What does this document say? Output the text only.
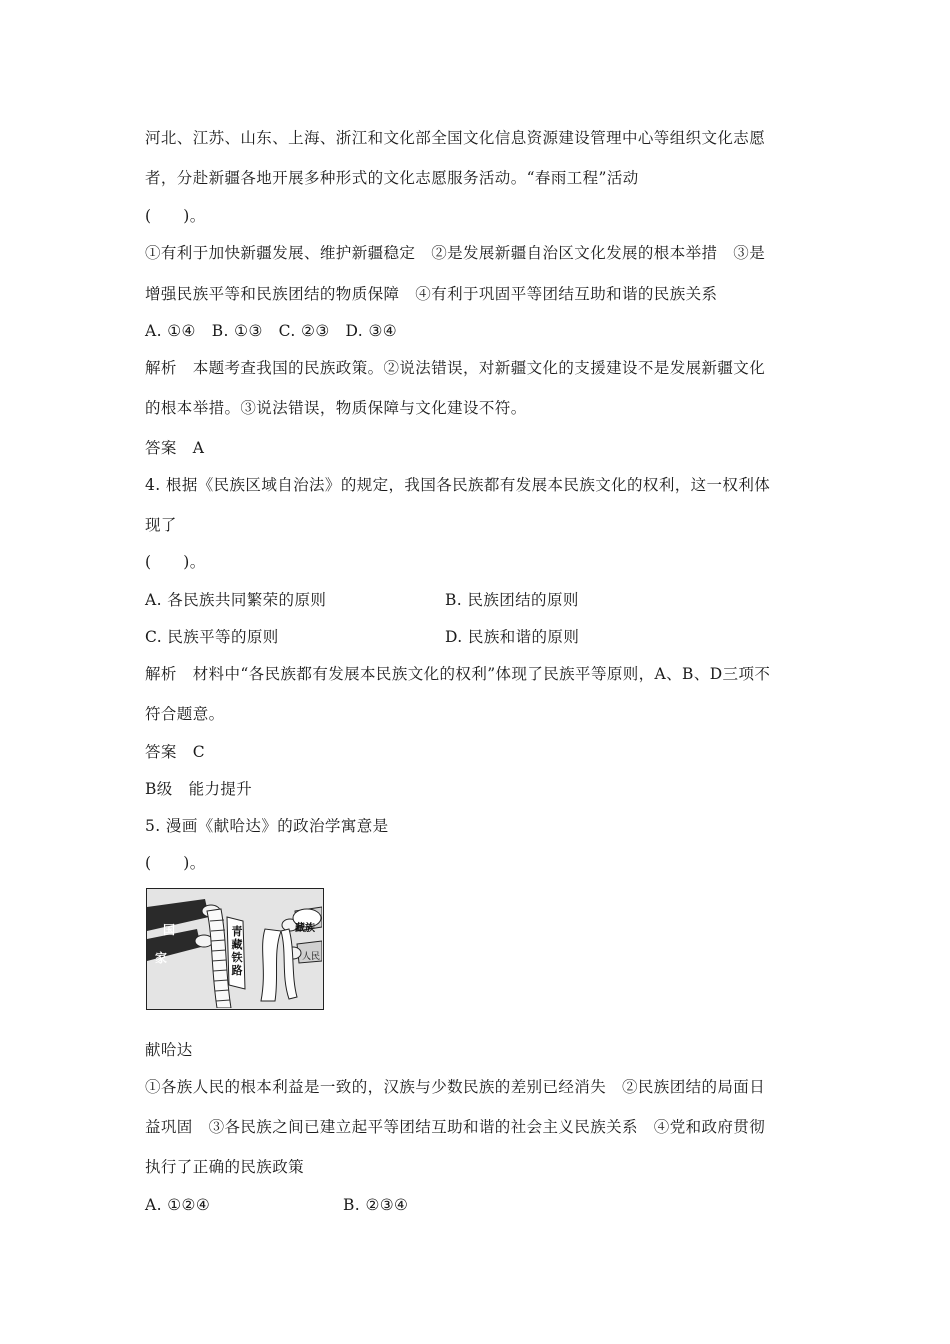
河北、江苏、山东、上海、浙江和文化部全国文化信息资源建设管理中心等组织文化志愿
者，分赴新疆各地开展多种形式的文化志愿服务活动。“春雨工程”活动
(　　)。
①有利于加快新疆发展、维护新疆稳定　②是发展新疆自治区文化发展的根本举措　③是
增强民族平等和民族团结的物质保障　④有利于巩固平等团结互助和谐的民族关系
A. ①④　B. ①③　C. ②③　D. ③④
解析　本题考查我国的民族政策。②说法错误，对新疆文化的支援建设不是发展新疆文化
的根本举措。③说法错误，物质保障与文化建设不符。
答案　A
4. 根据《民族区域自治法》的规定，我国各民族都有发展本民族文化的权利，这一权利体
现了
(　　)。
A. 各民族共同繁荣的原则	B. 民族团结的原则
C. 民族平等的原则	D. 民族和谐的原则
解析　材料中“各民族都有发展本民族文化的权利”体现了民族平等原则，A、B、D三项不
符合题意。
答案　C
B级　能力提升
5. 漫画《献哈达》的政治学寓意是
(　　)。
国
家
青
藏
铁
路
藏族
人民
献哈达
①各族人民的根本利益是一致的，汉族与少数民族的差别已经消失　②民族团结的局面日
益巩固　③各民族之间已建立起平等团结互助和谐的社会主义民族关系　④党和政府贯彻
执行了正确的民族政策
A. ①②④	B. ②③④
